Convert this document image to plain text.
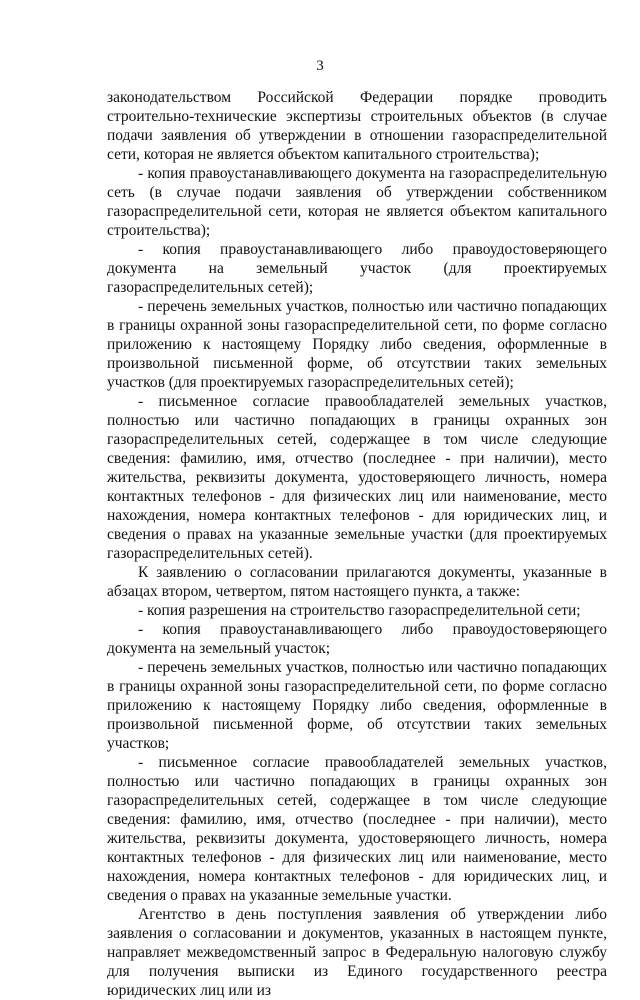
3

законодательством Российской Федерации порядке проводить строительно-технические экспертизы строительных объектов (в случае подачи заявления об утверждении в отношении газораспределительной сети, которая не является объектом капитального строительства);

- копия правоустанавливающего документа на газораспределительную сеть (в случае подачи заявления об утверждении собственником газораспределительной сети, которая не является объектом капитального строительства);

- копия правоустанавливающего либо правоудостоверяющего документа на земельный участок (для проектируемых газораспределительных сетей);

- перечень земельных участков, полностью или частично попадающих в границы охранной зоны газораспределительной сети, по форме согласно приложению к настоящему Порядку либо сведения, оформленные в произвольной письменной форме, об отсутствии таких земельных участков (для проектируемых газораспределительных сетей);

- письменное согласие правообладателей земельных участков, полностью или частично попадающих в границы охранных зон газораспределительных сетей, содержащее в том числе следующие сведения: фамилию, имя, отчество (последнее - при наличии), место жительства, реквизиты документа, удостоверяющего личность, номера контактных телефонов - для физических лиц или наименование, место нахождения, номера контактных телефонов - для юридических лиц, и сведения о правах на указанные земельные участки (для проектируемых газораспределительных сетей).

К заявлению о согласовании прилагаются документы, указанные в абзацах втором, четвертом, пятом настоящего пункта, а также:

- копия разрешения на строительство газораспределительной сети;

- копия правоустанавливающего либо правоудостоверяющего документа на земельный участок;

- перечень земельных участков, полностью или частично попадающих в границы охранной зоны газораспределительной сети, по форме согласно приложению к настоящему Порядку либо сведения, оформленные в произвольной письменной форме, об отсутствии таких земельных участков;

- письменное согласие правообладателей земельных участков, полностью или частично попадающих в границы охранных зон газораспределительных сетей, содержащее в том числе следующие сведения: фамилию, имя, отчество (последнее - при наличии), место жительства, реквизиты документа, удостоверяющего личность, номера контактных телефонов - для физических лиц или наименование, место нахождения, номера контактных телефонов - для юридических лиц, и сведения о правах на указанные земельные участки.

Агентство в день поступления заявления об утверждении либо заявления о согласовании и документов, указанных в настоящем пункте, направляет межведомственный запрос в Федеральную налоговую службу для получения выписки из Единого государственного реестра юридических лиц или из
